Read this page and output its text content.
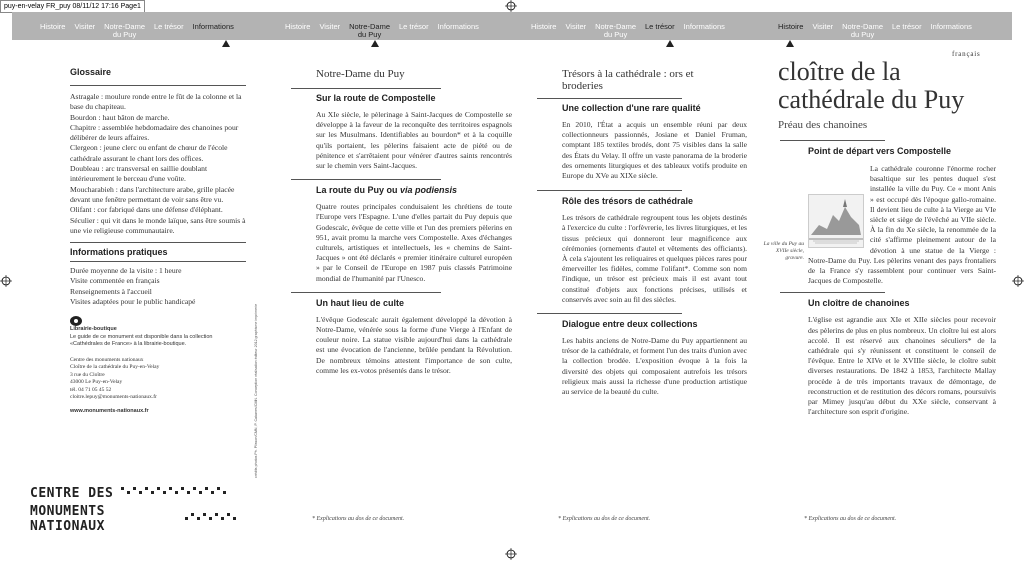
puy-en-velay FR_puy 08/11/12 17:16 Page1
Histoire Visiter Notre-Dame
du Puy
Le trésor Informations	Histoire Visiter Notre-Dame
du Puy
Le trésor Informations	Histoire Visiter Notre-Dame
du Puy
Le trésor Informations	Histoire Visiter Notre-Dame
du Puy
Le trésor Informations
Glossaire

Astragale : moulure ronde entre le fût de la colonne et la base du chapiteau.

Bourdon : haut bâton de marche.

Chapitre : assemblée hebdomadaire des chanoines pour délibérer de leurs affaires.

Clergeon : jeune clerc ou enfant de chœur de l'école cathédrale assurant le chant lors des offices.

Doubleau : arc transversal en saillie doublant intérieurement le berceau d'une voûte.

Moucharabieh : dans l'architecture arabe, grille placée devant une fenêtre permettant de voir sans être vu.

Olifant : cor fabriqué dans une défense d'éléphant.

Séculier : qui vit dans le monde laïque, sans être soumis à une vie religieuse communautaire.

Informations pratiques

Durée moyenne de la visite : 1 heure

Visite commentée en français

Renseignements à l'accueil

Visites adaptées pour le public handicapé

Librairie-boutique
Le guide de ce monument est disponible dans la collection «Cathédrales de France» à la librairie-boutique.
Centre des monuments nationaux
Cloître de la cathédrale du Puy-en-Velay
3 rue du Cloître
43000 Le Puy-en-Velay
tél. 04 71 05 45 52
cloitre.lepuy@monuments-nationaux.fr
www.monuments-nationaux.fr
CENTRE DES
MONUMENTS NATIONAUX
crédits photos Ph. Plisson/CMN, P. Cabanes/CMN. Conception réalisation éditeur 2012 graphisme imprimerie
Notre-Dame du Puy
Sur la route de Compostelle

Au XIe siècle, le pèlerinage à Saint-Jacques de Compostelle se développe à la faveur de la reconquête des territoires espagnols sur les Musulmans. Identifiables au bourdon* et à la coquille qu'ils portaient, les pèlerins faisaient acte de piété ou de pénitence et s'arrêtaient pour vénérer d'autres saints rencontrés sur le chemin vers Saint-Jacques.

La route du Puy ou via podiensis

Quatre routes principales conduisaient les chrétiens de toute l'Europe vers l'Espagne. L'une d'elles partait du Puy depuis que Godescalc, évêque de cette ville et l'un des premiers pèlerins en 951, avait promu la marche vers Compostelle. Axes d'échanges culturels, artistiques et intellectuels, les « chemins de Saint-Jacques » ont été déclarés « premier itinéraire culturel européen » par le Conseil de l'Europe en 1987 puis classés Patrimoine mondial de l'humanité par l'Unesco.

Un haut lieu de culte

L'évêque Godescalc aurait également développé la dévotion à Notre-Dame, vénérée sous la forme d'une Vierge à l'Enfant de couleur noire. La statue visible aujourd'hui dans la cathédrale est une évocation de l'ancienne, brûlée pendant la Révolution. De nombreux témoins attestent l'importance de son culte, comme les ex-votos présentés dans le trésor.

* Explications au dos de ce document.
Trésors à la cathédrale : ors et broderies
Une collection d'une rare qualité

En 2010, l'État a acquis un ensemble réuni par deux collectionneurs passionnés, Josiane et Daniel Fruman, comptant 185 textiles brodés, dont 75 visibles dans la salle des États du Velay. Il offre un vaste panorama de la broderie des ornements liturgiques et des tableaux votifs produite en Europe du XVe au XIXe siècle.

Rôle des trésors de cathédrale

Les trésors de cathédrale regroupent tous les objets destinés à l'exercice du culte : l'orfèvrerie, les livres liturgiques, et les tissus précieux qui donneront leur magnificence aux cérémonies (ornements d'autel et vêtements des officiants). À cela s'ajoutent les reliquaires et quelques pièces rares pour émerveiller les fidèles, comme l'olifant*. Comme son nom l'indique, un trésor est précieux mais il est avant tout constitué d'objets aux fonctions précises, utilisés et conservés avec soin au fil des siècles.

Dialogue entre deux collections

Les habits anciens de Notre-Dame du Puy appartiennent au trésor de la cathédrale, et forment l'un des traits d'union avec la collection brodée. L'exposition évoque à la fois la diversité des objets qui composaient autrefois les trésors religieux mais aussi la richesse d'une production artistique au service de la beauté du culte.

* Explications au dos de ce document.
français
cloître de la cathédrale du Puy
Préau des chanoines
Point de départ vers Compostelle

La cathédrale couronne l'énorme rocher basaltique sur les pentes duquel s'est installée la ville du Puy. Ce « mont Anis » est occupé dès l'époque gallo-romaine. Il devient lieu de culte à la Vierge au VIe siècle et siège de l'évêché au VIIe siècle. À la fin du Xe siècle, la renommée de la cité s'affirme pleinement autour de la dévotion à une statue de la Vierge : Notre-Dame du Puy. Les pèlerins venant des pays frontaliers de la France s'y rassemblent pour continuer vers Saint-Jacques de Compostelle.

Un cloître de chanoines

L'église est agrandie aux XIe et XIIe siècles pour recevoir des pèlerins de plus en plus nombreux. Un cloître lui est alors accolé. Il est réservé aux chanoines séculiers* de la cathédrale qui s'y réunissent et constituent le conseil de l'évêque. Entre le XIVe et le XVIIIe siècle, le cloître subit diverses restaurations. De 1842 à 1853, l'architecte Mallay procède à de très importants travaux de démontage, de reconstruction et de restitution des décors romans, poursuivis par Mimey jusqu'au début du XXe siècle, conservant à l'architecture son esprit d'origine.

La ville du Puy au XVIIe siècle, gravure.
* Explications au dos de ce document.
